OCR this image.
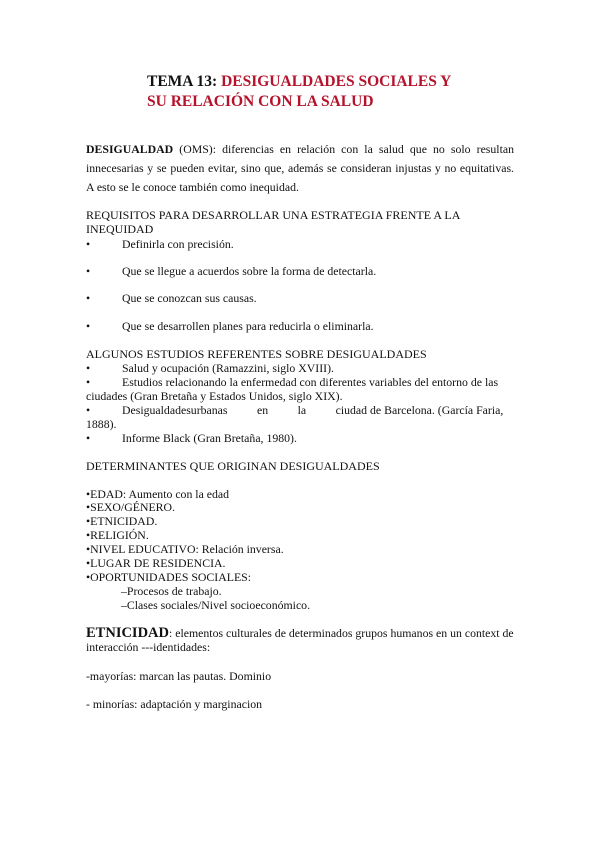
TEMA 13: DESIGUALDADES SOCIALES Y
SU RELACIÓN CON LA SALUD
DESIGUALDAD (OMS): diferencias en relación con la salud que no solo resultan innecesarias y se pueden evitar, sino que, además se consideran injustas y no equitativas. A esto se le conoce también como inequidad.
REQUISITOS PARA DESARROLLAR UNA ESTRATEGIA FRENTE A LA
INEQUIDAD
•	Definirla con precisión.
•	Que se llegue a acuerdos sobre la forma de detectarla.
•	Que se conozcan sus causas.
•	Que se desarrollen planes para reducirla o eliminarla.
ALGUNOS ESTUDIOS REFERENTES SOBRE DESIGUALDADES
•	Salud y ocupación (Ramazzini, siglo XVIII).
•	Estudios relacionando la enfermedad con diferentes variables del entorno de las
ciudades (Gran Bretaña y Estados Unidos, siglo XIX).
•	Desigualdadesurbanas          en          la          ciudad de Barcelona. (García Faria,
1888).
•	Informe Black (Gran Bretaña, 1980).
DETERMINANTES QUE ORIGINAN DESIGUALDADES
•EDAD: Aumento con la edad
•SEXO/GÉNERO.
•ETNICIDAD.
•RELIGIÓN.
•NIVEL EDUCATIVO: Relación inversa.
•LUGAR DE RESIDENCIA.
•OPORTUNIDADES SOCIALES:
–Procesos de trabajo.
–Clases sociales/Nivel socioeconómico.
ETNICIDAD: elementos culturales de determinados grupos humanos en un context de interacción ---identidades:
-mayorías: marcan las pautas. Dominio
- minorías: adaptación y marginacion
